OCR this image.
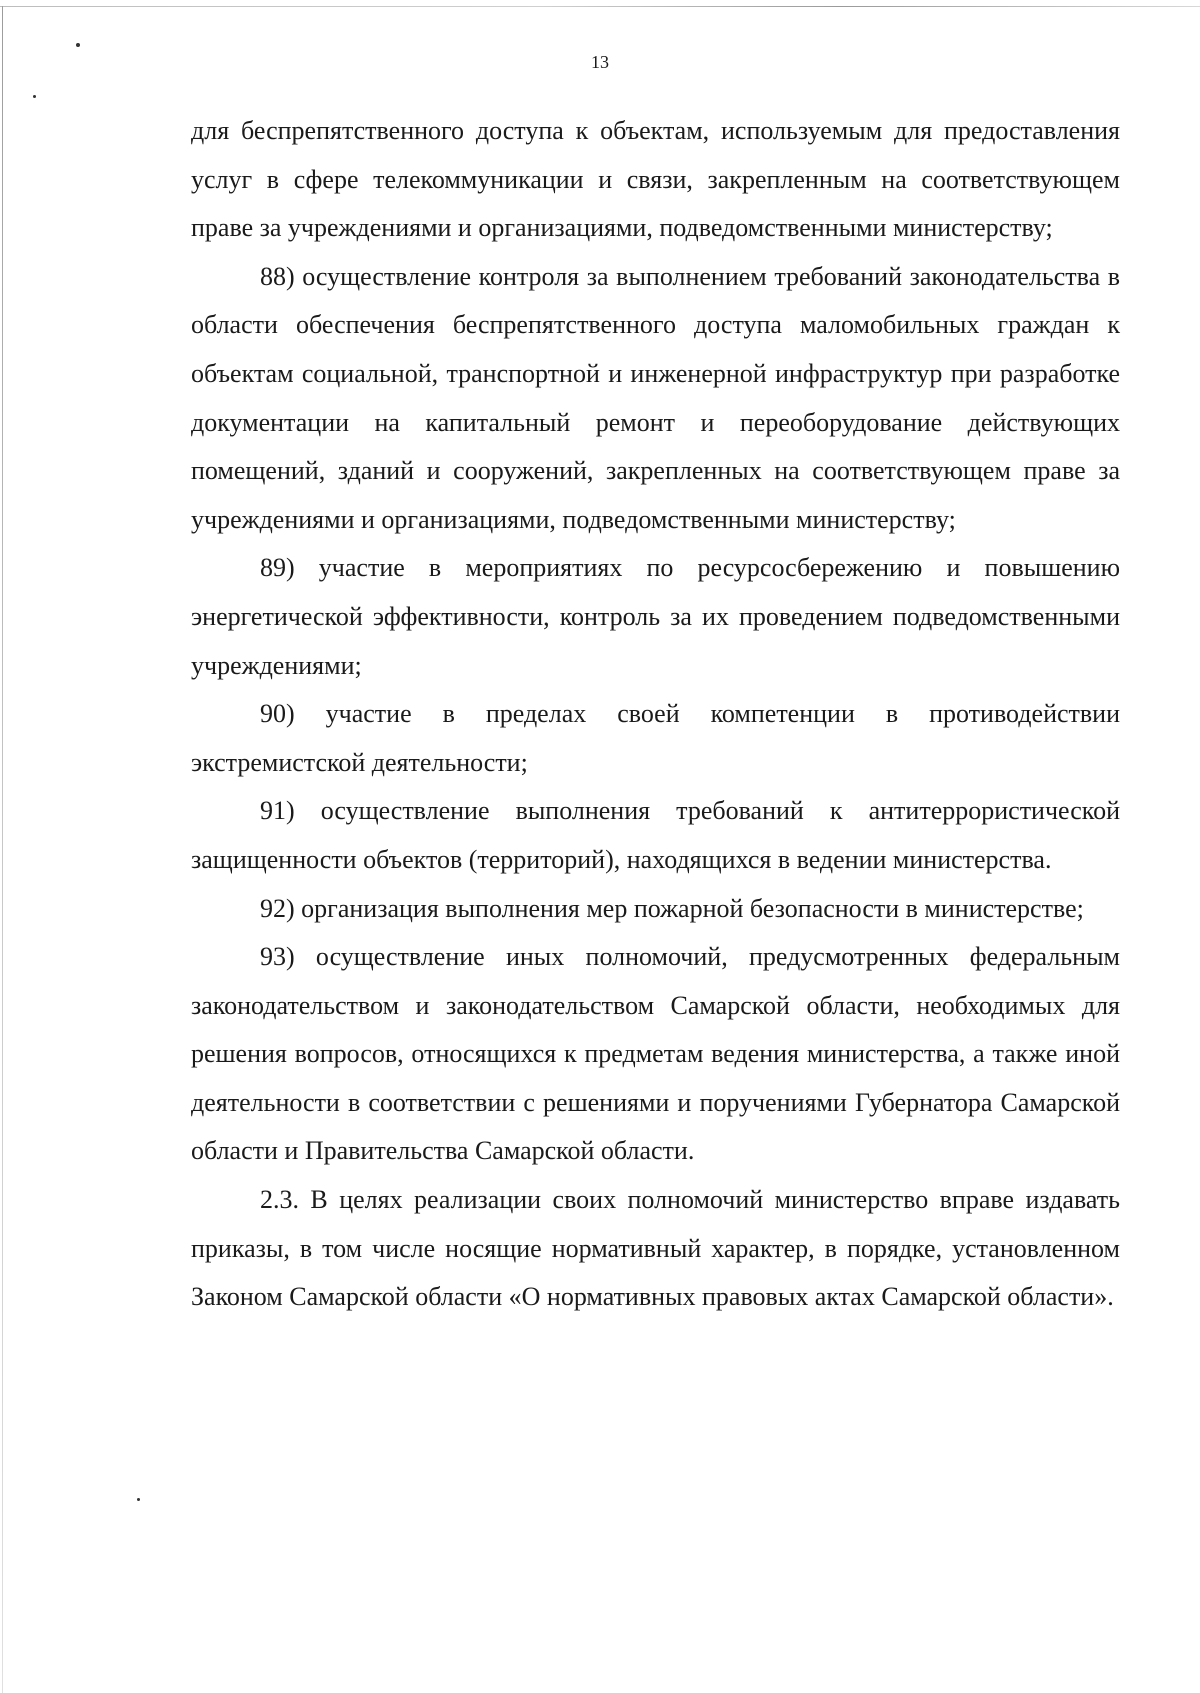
13

для беспрепятственного доступа к объектам, используемым для предоставления услуг в сфере телекоммуникации и связи, закрепленным на соответствующем праве за учреждениями и организациями, подведомственными министерству;

88) осуществление контроля за выполнением требований законодательства в области обеспечения беспрепятственного доступа маломобильных граждан к объектам социальной, транспортной и инженерной инфраструктур при разработке документации на капитальный ремонт и переоборудование действующих помещений, зданий и сооружений, закрепленных на соответствующем праве за учреждениями и организациями, подведомственными министерству;

89) участие в мероприятиях по ресурсосбережению и повышению энергетической эффективности, контроль за их проведением подведомственными учреждениями;

90) участие в пределах своей компетенции в противодействии экстремистской деятельности;

91) осуществление выполнения требований к антитеррористической защищенности объектов (территорий), находящихся в ведении министерства.

92) организация выполнения мер пожарной безопасности в министерстве;

93) осуществление иных полномочий, предусмотренных федеральным законодательством и законодательством Самарской области, необходимых для решения вопросов, относящихся к предметам ведения министерства, а также иной деятельности в соответствии с решениями и поручениями Губернатора Самарской области и Правительства Самарской области.

2.3. В целях реализации своих полномочий министерство вправе издавать приказы, в том числе носящие нормативный характер, в порядке, установленном Законом Самарской области «О нормативных правовых актах Самарской области».
